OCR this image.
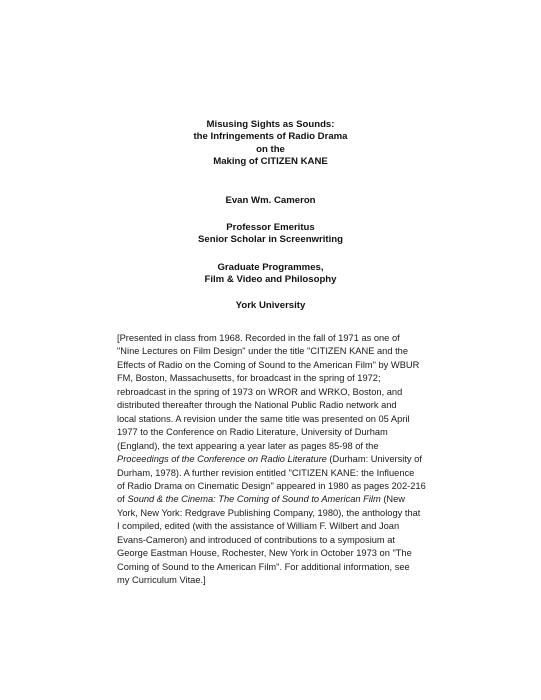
Misusing Sights as Sounds:
the Infringements of Radio Drama
on the
Making of CITIZEN KANE
Evan Wm. Cameron
Professor Emeritus
Senior Scholar in Screenwriting
Graduate Programmes,
Film & Video and Philosophy
York University
[Presented in class from 1968. Recorded in the fall of 1971 as one of
"Nine Lectures on Film Design" under the title "CITIZEN KANE and the
Effects of Radio on the Coming of Sound to the American Film" by WBUR
FM, Boston, Massachusetts, for broadcast in the spring of 1972;
rebroadcast in the spring of 1973 on WROR and WRKO, Boston, and
distributed thereafter through the National Public Radio network and
local stations. A revision under the same title was presented on 05 April
1977 to the Conference on Radio Literature, University of Durham
(England), the text appearing a year later as pages 85-98 of the
Proceedings of the Conference on Radio Literature (Durham: University of
Durham, 1978). A further revision entitled "CITIZEN KANE: the Influence
of Radio Drama on Cinematic Design" appeared in 1980 as pages 202-216
of Sound & the Cinema: The Coming of Sound to American Film (New
York, New York: Redgrave Publishing Company, 1980), the anthology that
I compiled, edited (with the assistance of William F. Wilbert and Joan
Evans-Cameron) and introduced of contributions to a symposium at
George Eastman House, Rochester, New York in October 1973 on "The
Coming of Sound to the American Film". For additional information, see
my Curriculum Vitae.]
